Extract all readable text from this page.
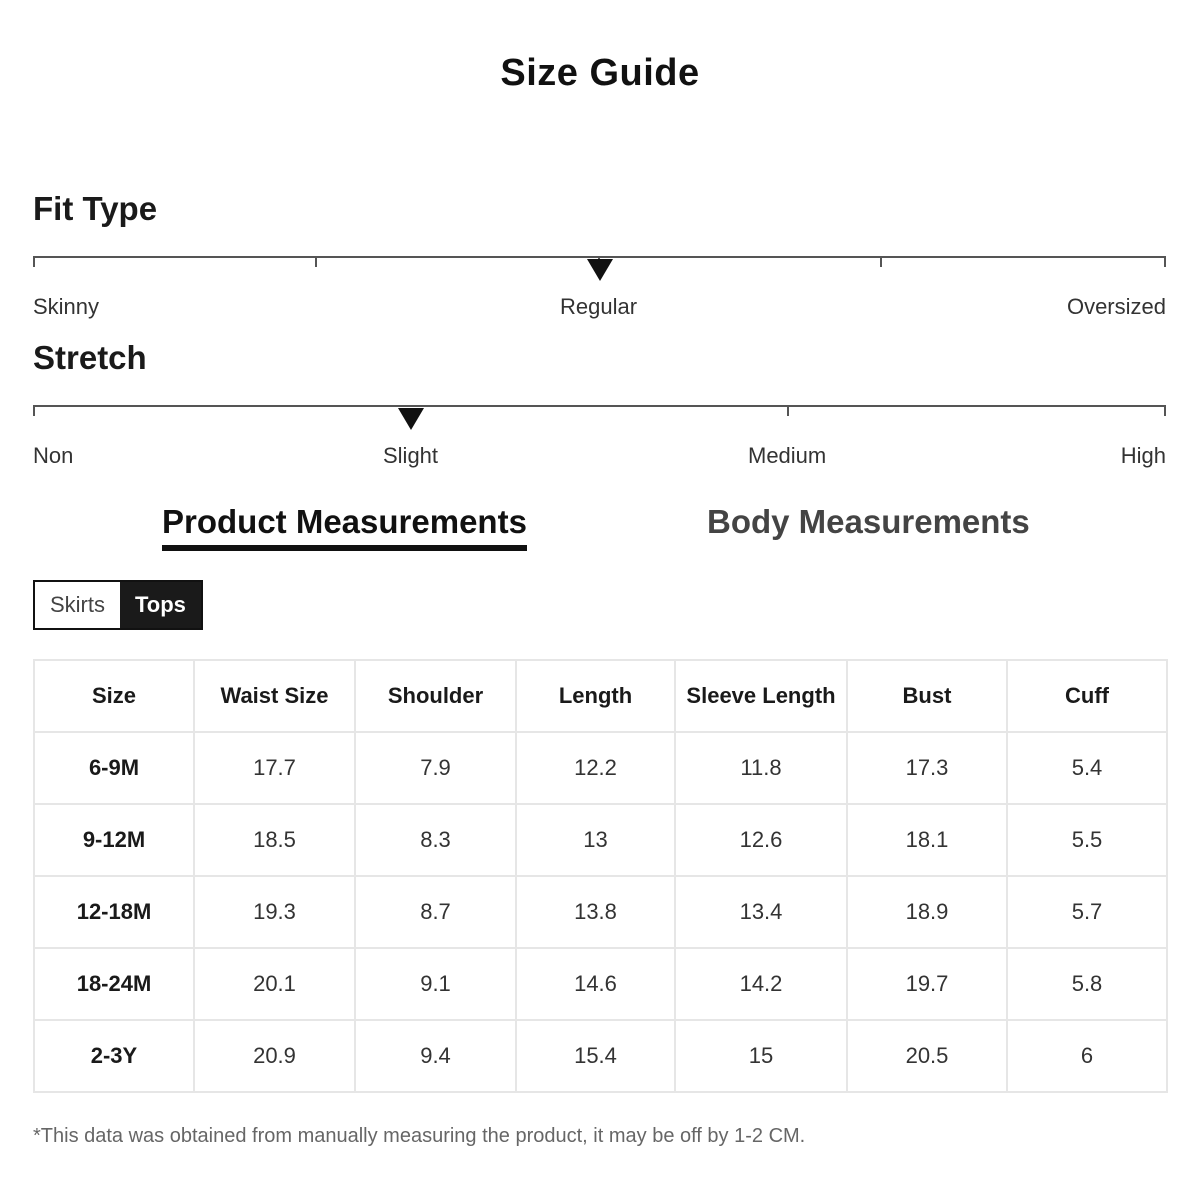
Size Guide
Fit Type
Skinny	Regular	Oversized
Stretch
Non	Slight	Medium	High
Product Measurements	Body Measurements
Skirts	Tops
Size	Waist Size	Shoulder	Length	Sleeve Length	Bust	Cuff
6-9M	17.7	7.9	12.2	11.8	17.3	5.4
9-12M	18.5	8.3	13	12.6	18.1	5.5
12-18M	19.3	8.7	13.8	13.4	18.9	5.7
18-24M	20.1	9.1	14.6	14.2	19.7	5.8
2-3Y	20.9	9.4	15.4	15	20.5	6
*This data was obtained from manually measuring the product, it may be off by 1-2 CM.
